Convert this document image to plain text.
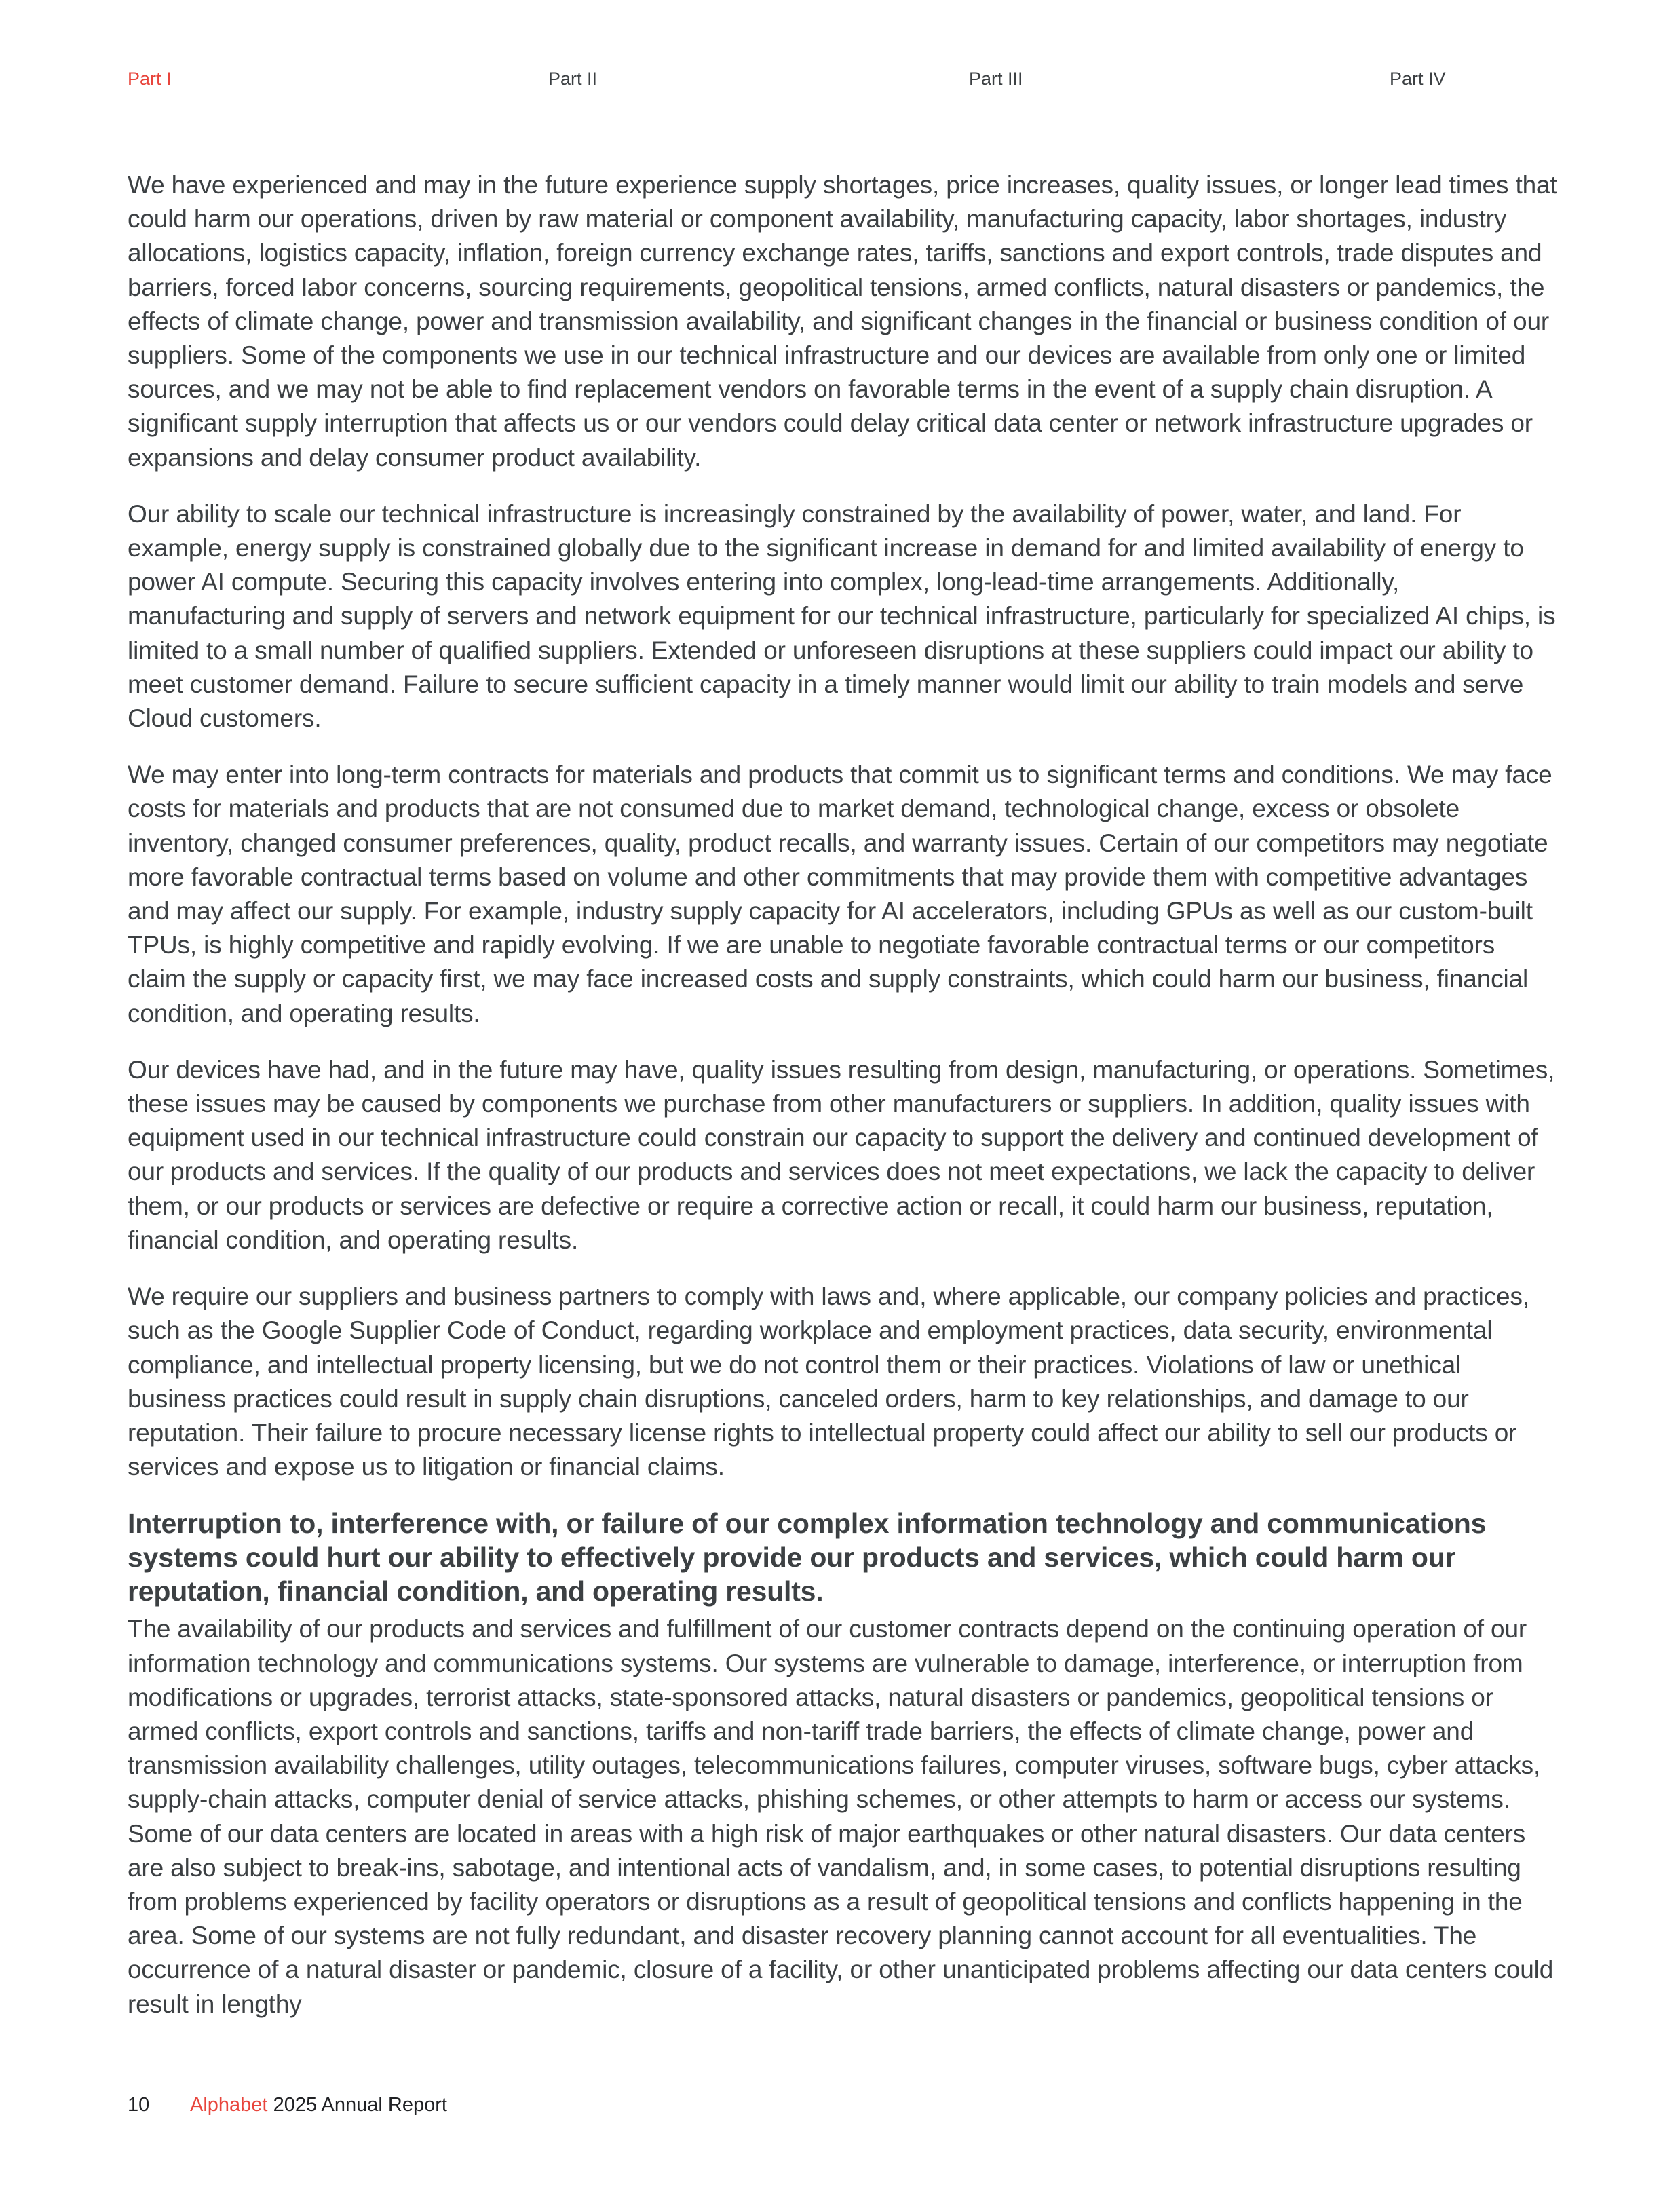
Part I	Part II	Part III	Part IV

We have experienced and may in the future experience supply shortages, price increases, quality issues, or longer lead times that could harm our operations, driven by raw material or component availability, manufacturing capacity, labor shortages, industry allocations, logistics capacity, inflation, foreign currency exchange rates, tariffs, sanctions and export controls, trade disputes and barriers, forced labor concerns, sourcing requirements, geopolitical tensions, armed conflicts, natural disasters or pandemics, the effects of climate change, power and transmission availability, and significant changes in the financial or business condition of our suppliers. Some of the components we use in our technical infrastructure and our devices are available from only one or limited sources, and we may not be able to find replacement vendors on favorable terms in the event of a supply chain disruption. A significant supply interruption that affects us or our vendors could delay critical data center or network infrastructure upgrades or expansions and delay consumer product availability.

Our ability to scale our technical infrastructure is increasingly constrained by the availability of power, water, and land. For example, energy supply is constrained globally due to the significant increase in demand for and limited availability of energy to power AI compute. Securing this capacity involves entering into complex, long-lead-time arrangements. Additionally, manufacturing and supply of servers and network equipment for our technical infrastructure, particularly for specialized AI chips, is limited to a small number of qualified suppliers. Extended or unforeseen disruptions at these suppliers could impact our ability to meet customer demand. Failure to secure sufficient capacity in a timely manner would limit our ability to train models and serve Cloud customers.

We may enter into long-term contracts for materials and products that commit us to significant terms and conditions. We may face costs for materials and products that are not consumed due to market demand, technological change, excess or obsolete inventory, changed consumer preferences, quality, product recalls, and warranty issues. Certain of our competitors may negotiate more favorable contractual terms based on volume and other commitments that may provide them with competitive advantages and may affect our supply. For example, industry supply capacity for AI accelerators, including GPUs as well as our custom-built TPUs, is highly competitive and rapidly evolving. If we are unable to negotiate favorable contractual terms or our competitors claim the supply or capacity first, we may face increased costs and supply constraints, which could harm our business, financial condition, and operating results.

Our devices have had, and in the future may have, quality issues resulting from design, manufacturing, or operations. Sometimes, these issues may be caused by components we purchase from other manufacturers or suppliers. In addition, quality issues with equipment used in our technical infrastructure could constrain our capacity to support the delivery and continued development of our products and services. If the quality of our products and services does not meet expectations, we lack the capacity to deliver them, or our products or services are defective or require a corrective action or recall, it could harm our business, reputation, financial condition, and operating results.

We require our suppliers and business partners to comply with laws and, where applicable, our company policies and practices, such as the Google Supplier Code of Conduct, regarding workplace and employment practices, data security, environmental compliance, and intellectual property licensing, but we do not control them or their practices. Violations of law or unethical business practices could result in supply chain disruptions, canceled orders, harm to key relationships, and damage to our reputation. Their failure to procure necessary license rights to intellectual property could affect our ability to sell our products or services and expose us to litigation or financial claims.

Interruption to, interference with, or failure of our complex information technology and communications systems could hurt our ability to effectively provide our products and services, which could harm our reputation, financial condition, and operating results.

The availability of our products and services and fulfillment of our customer contracts depend on the continuing operation of our information technology and communications systems. Our systems are vulnerable to damage, interference, or interruption from modifications or upgrades, terrorist attacks, state-sponsored attacks, natural disasters or pandemics, geopolitical tensions or armed conflicts, export controls and sanctions, tariffs and non-tariff trade barriers, the effects of climate change, power and transmission availability challenges, utility outages, telecommunications failures, computer viruses, software bugs, cyber attacks, supply-chain attacks, computer denial of service attacks, phishing schemes, or other attempts to harm or access our systems. Some of our data centers are located in areas with a high risk of major earthquakes or other natural disasters. Our data centers are also subject to break-ins, sabotage, and intentional acts of vandalism, and, in some cases, to potential disruptions resulting from problems experienced by facility operators or disruptions as a result of geopolitical tensions and conflicts happening in the area. Some of our systems are not fully redundant, and disaster recovery planning cannot account for all eventualities. The occurrence of a natural disaster or pandemic, closure of a facility, or other unanticipated problems affecting our data centers could result in lengthy

10 Alphabet 2025 Annual Report
